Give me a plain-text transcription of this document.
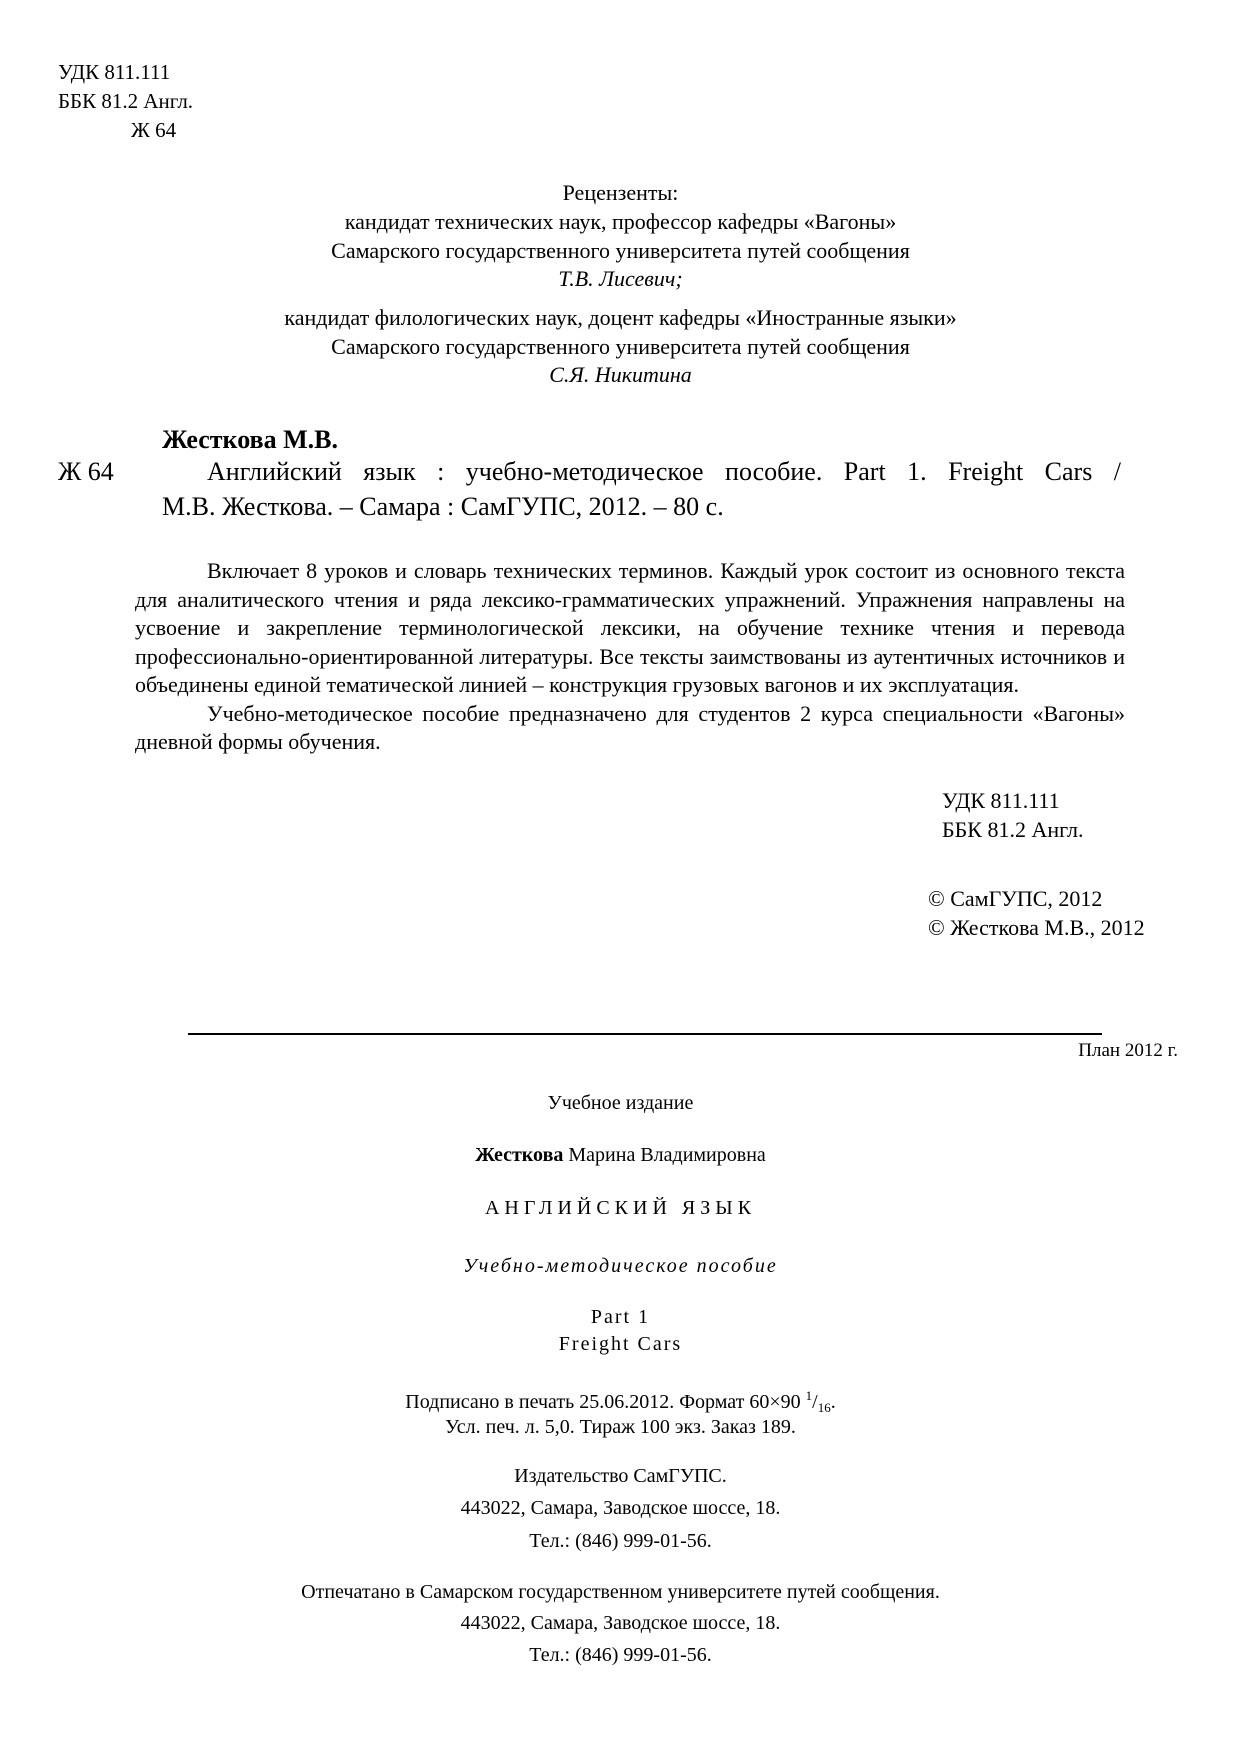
УДК 811.111
ББК 81.2 Англ.
Ж 64
Рецензенты:
кандидат технических наук, профессор кафедры «Вагоны»
Самарского государственного университета путей сообщения
Т.В. Лисевич;
кандидат филологических наук, доцент кафедры «Иностранные языки»
Самарского государственного университета путей сообщения
С.Я. Никитина
Жесткова М.В.
Ж 64	Английский язык : учебно-методическое пособие. Part 1. Freight Cars /
М.В. Жесткова. – Самара : СамГУПС, 2012. – 80 с.

Включает 8 уроков и словарь технических терминов. Каждый урок состоит из основного текста для аналитического чтения и ряда лексико-грамматических упражнений. Упражнения направлены на усвоение и закрепление терминологической лексики, на обучение технике чтения и перевода профессионально-ориентированной литературы. Все тексты заимствованы из аутентичных источников и объединены единой тематической линией – конструкция грузовых вагонов и их эксплуатация.

Учебно-методическое пособие предназначено для студентов 2 курса специальности «Вагоны» дневной формы обучения.

УДК 811.111
ББК 81.2 Англ.
© СамГУПС, 2012
© Жесткова М.В., 2012
План 2012 г.
Учебное издание
Жесткова Марина Владимировна
АНГЛИЙСКИЙ ЯЗЫК
Учебно-методическое пособие
Part 1
Freight Cars
Подписано в печать 25.06.2012. Формат 60×90 $^1/_{16}$.
Усл. печ. л. 5,0. Тираж 100 экз. Заказ 189.
Издательство СамГУПС.
443022, Самара, Заводское шоссе, 18.
Тел.: (846) 999-01-56.
Отпечатано в Самарском государственном университете путей сообщения.
443022, Самара, Заводское шоссе, 18.
Тел.: (846) 999-01-56.
